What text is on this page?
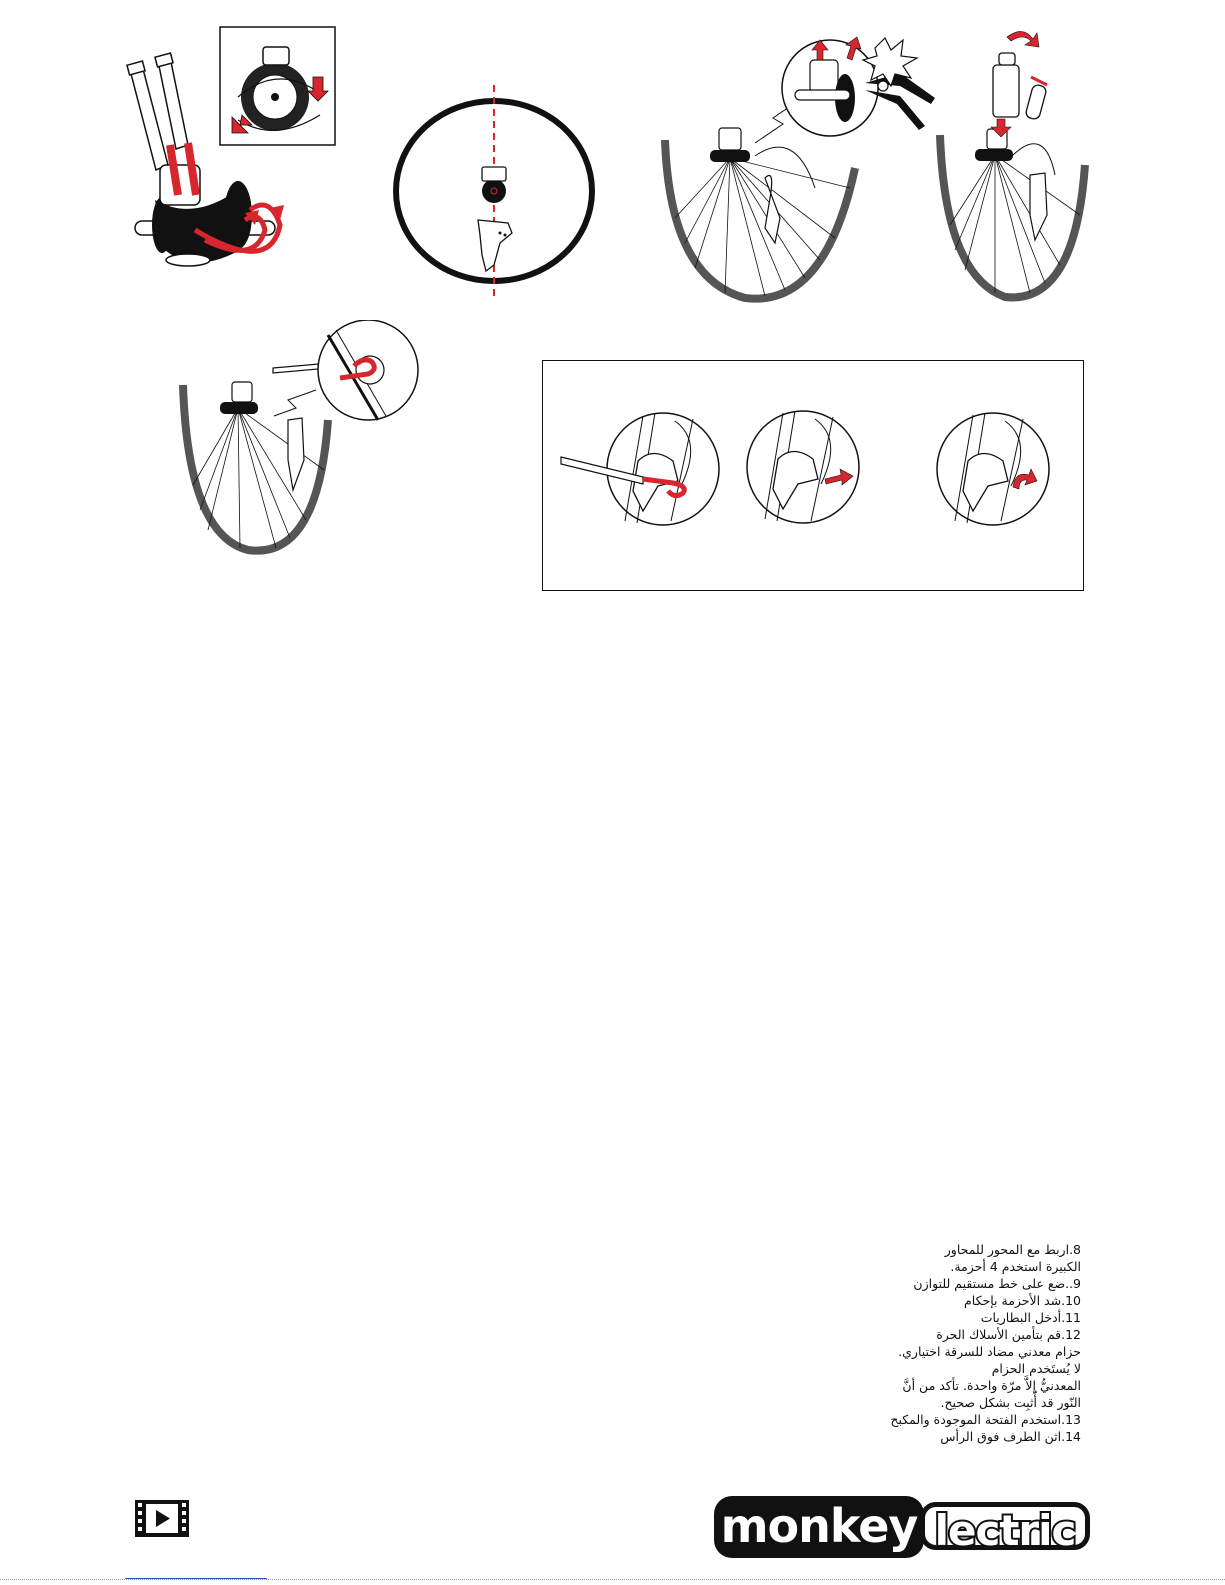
8.اربط مع المحور للمحاور
الكبيرة استخدم 4 أحزمة.
9..ضع على خط مستقيم للتوازن
10.شد الأحزمة بإحكام
11.أدخل البطاريات
12.قم بتأمين الأسلاك الحرة
حزام معدني مضاد للسرقة اختياري.
لا يُستَخدم الحزام
المعدنيُّ إلاَّ مرّة واحدة. تأكد من أنَّ
النّور قد أُثبِت بشكل صحيح.
13.استخدم الفتحة الموجودة والمكبح
14.اثن الطرف فوق الرأس
monkey lectric
